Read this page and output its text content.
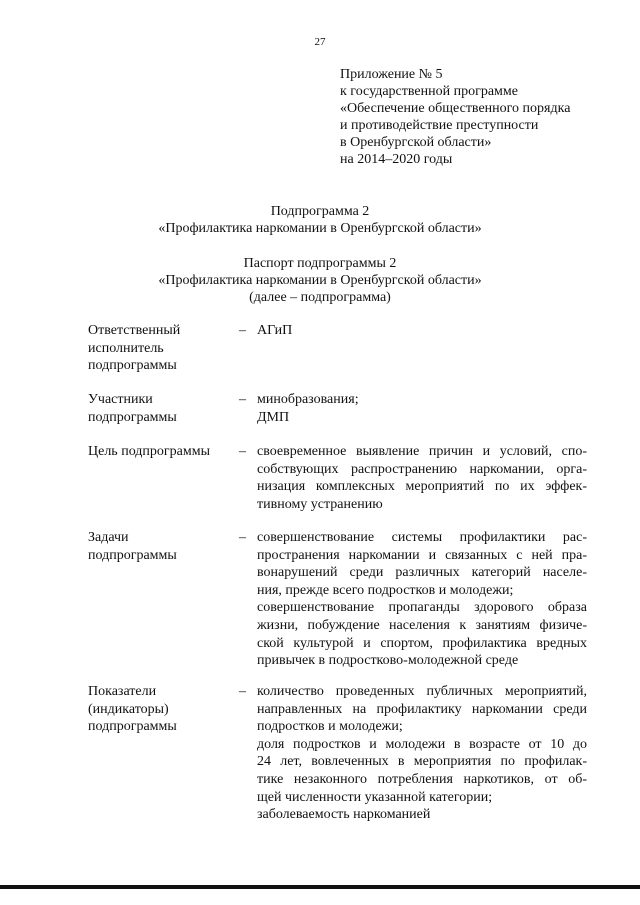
27
Приложение № 5
к государственной программе
«Обеспечение общественного порядка
и противодействие преступности
в Оренбургской области»
на 2014–2020 годы
Подпрограмма 2
«Профилактика наркомании в Оренбургской области»
Паспорт подпрограммы 2
«Профилактика наркомании в Оренбургской области»
(далее – подпрограмма)
Ответственный
исполнитель
подпрограммы
– АГиП
Участники
подпрограммы
– минобразования;
ДМП
Цель подпрограммы	– своевременное выявление причин и условий, спо-
собствующих распространению наркомании, орга-
низация комплексных мероприятий по их эффек-
тивному устранению
Задачи
подпрограммы
– совершенствование системы профилактики рас-
пространения наркомании и связанных с ней пра-
вонарушений среди различных категорий населе-
ния, прежде всего подростков и молодежи;
совершенствование пропаганды здорового образа
жизни, побуждение населения к занятиям физиче-
ской культурой и спортом, профилактика вредных
привычек в подростково-молодежной среде
Показатели
(индикаторы)
подпрограммы
– количество проведенных публичных мероприятий,
направленных на профилактику наркомании среди
подростков и молодежи;
доля подростков и молодежи в возрасте от 10 до
24 лет, вовлеченных в мероприятия по профилак-
тике незаконного потребления наркотиков, от об-
щей численности указанной категории;
заболеваемость наркоманией
